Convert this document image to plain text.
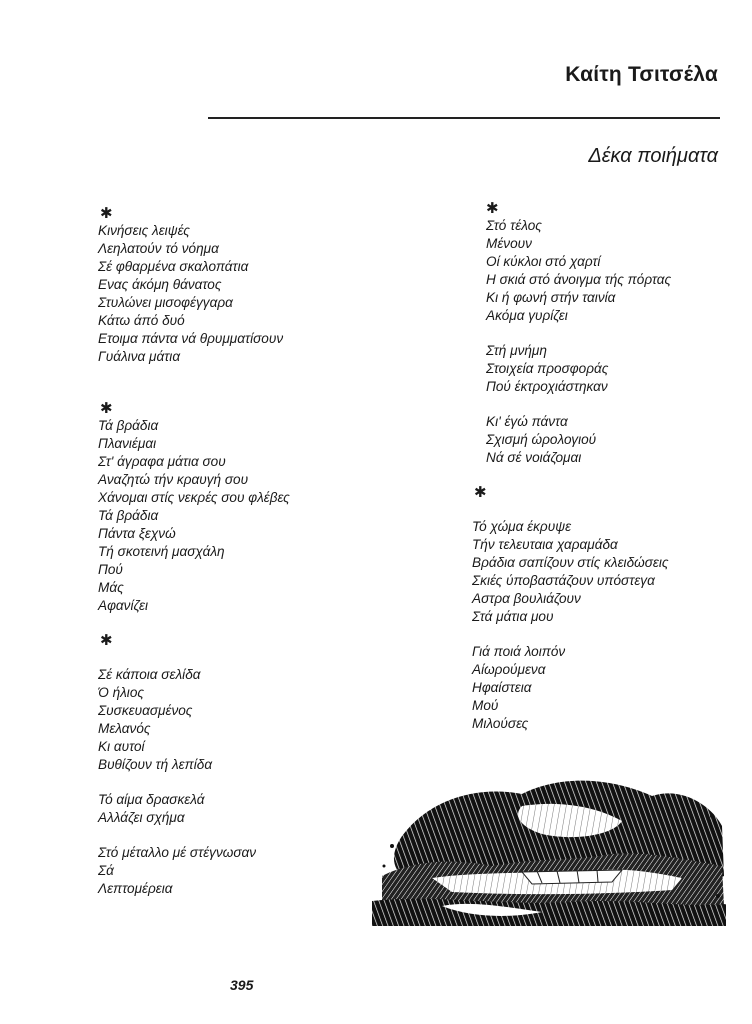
Καίτη Τσιτσέλα
Δέκα ποιήματα
✱
Κινήσεις λειψές
Λεηλατούν τό νόημα
Σέ φθαρμένα σκαλοπάτια
Ενας άκόμη θάνατος
Στυλώνει μισοφέγγαρα
Κάτω άπό δυό
Ετοιμα πάντα νά θρυμματίσουν
Γυάλινα μάτια
✱
Τά βράδια
Πλανιέμαι
Στ' άγραφα μάτια σου
Αναζητώ τήν κραυγή σου
Χάνομαι στίς νεκρές σου φλέβες
Τά βράδια
Πάντα ξεχνώ
Τή σκοτεινή μασχάλη
Πού
Μάς
Αφανίζει
✱
Σέ κάποια σελίδα
Ό ήλιος
Συσκευασμένος
Μελανός
Κι αυτοί
Βυθίζουν τή λεπίδα
Τό αίμα δρασκελά
Αλλάζει σχήμα
Στό μέταλλο μέ στέγνωσαν
Σά
Λεπτομέρεια
✱
Στό τέλος
Μένουν
Οί κύκλοι στό χαρτί
Η σκιά στό άνοιγμα τής πόρτας
Κι ή φωνή στήν ταινία
Ακόμα γυρίζει
Στή μνήμη
Στοιχεία προσφοράς
Πού έκτροχιάστηκαν
Κι' έγώ πάντα
Σχισμή ώρολογιού
Νά σέ νοιάζομαι
✱
Τό χώμα έκρυψε
Τήν τελευταια χαραμάδα
Βράδια σαπίζουν στίς κλειδώσεις
Σκιές ύποβαστάζουν υπόστεγα
Αστρα βουλιάζουν
Στά μάτια μου
Γιά ποιά λοιπόν
Αίωρούμενα
Ηφαίστεια
Μού
Μιλούσες
395
